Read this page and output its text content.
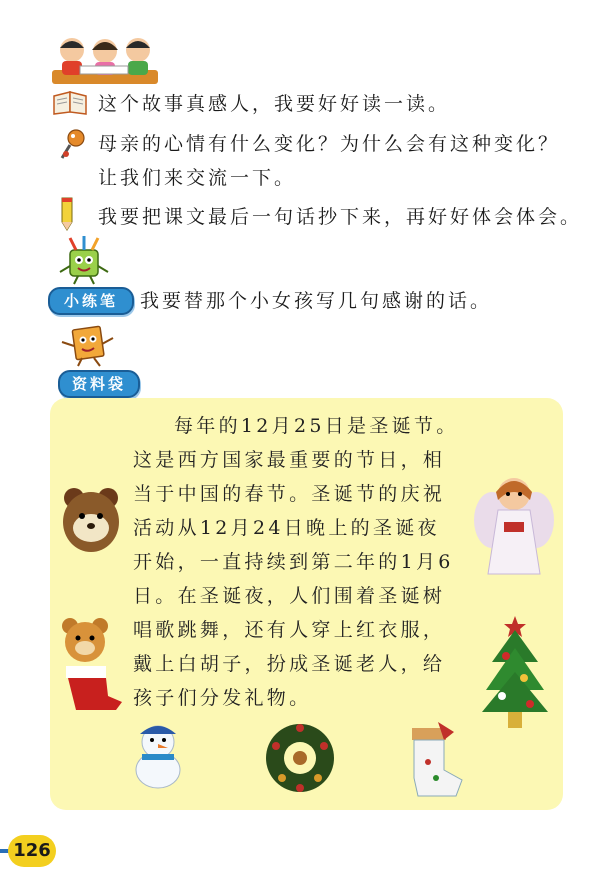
这个故事真感人，我要好好读一读。
母亲的心情有什么变化？为什么会有这种变化？
让我们来交流一下。
我要把课文最后一句话抄下来，再好好体会体会。
小练笔	我要替那个小女孩写几句感谢的话。
资料袋
每年的12月25日是圣诞节。
这是西方国家最重要的节日，相
当于中国的春节。圣诞节的庆祝
活动从12月24日晚上的圣诞夜
开始，一直持续到第二年的1月6
日。在圣诞夜，人们围着圣诞树
唱歌跳舞，还有人穿上红衣服，
戴上白胡子，扮成圣诞老人，给
孩子们分发礼物。
126
